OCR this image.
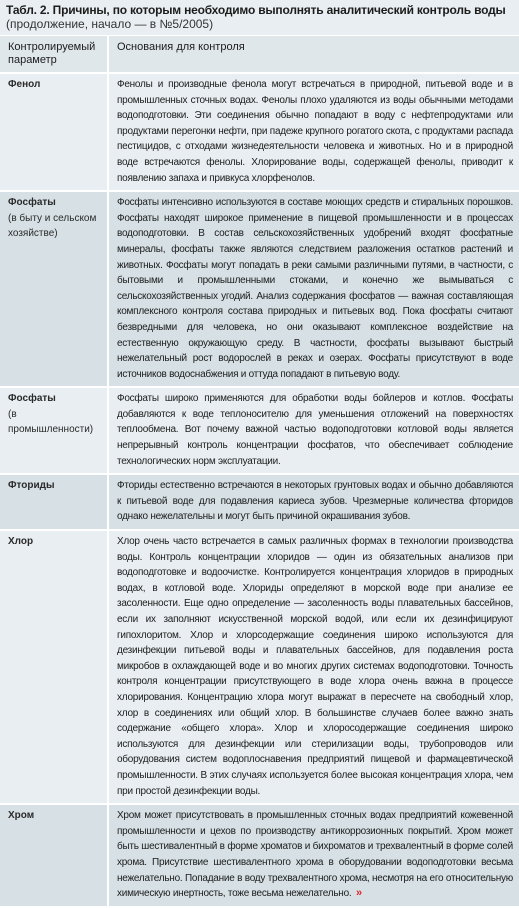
Табл. 2. Причины, по которым необходимо выполнять аналитический контроль воды
(продолжение, начало — в №5/2005)
Контролируемый параметр	Основания для контроля
Фенол	Фенолы и производные фенола могут встречаться в природной, питьевой воде и в промышленных сточных водах. Фенолы плохо удаляются из воды обычными методами водоподготовки. Эти соединения обычно попадают в воду с нефтепродуктами или продуктами перегонки нефти, при падеже крупного рогатого скота, с продуктами распада пестицидов, с отходами жизнедеятельности человека и животных. Но и в природной воде встречаются фенолы. Хлорирование воды, содержащей фенолы, приводит к появлению запаха и привкуса хлорфенолов.
Фосфаты
(в быту и сельском хозяйстве)	Фосфаты интенсивно используются в составе моющих средств и стиральных порошков. Фосфаты находят широкое применение в пищевой промышленности и в процессах водоподготовки. В состав сельскохозяйственных удобрений входят фосфатные минералы, фосфаты также являются следствием разложения остатков растений и животных. Фосфаты могут попадать в реки самыми различными путями, в частности, с бытовыми и промышленными стоками, и конечно же вымываться с сельскохозяйственных угодий. Анализ содержания фосфатов — важная составляющая комплексного контроля состава природных и питьевых вод. Пока фосфаты считают безвредными для человека, но они оказывают комплексное воздействие на естественную окружающую среду. В частности, фосфаты вызывают быстрый нежелательный рост водорослей в реках и озерах. Фосфаты присутствуют в воде источников водоснабжения и оттуда попадают в питьевую воду.
Фосфаты
(в промышленности)	Фосфаты широко применяются для обработки воды бойлеров и котлов. Фосфаты добавляются к воде теплоносителю для уменьшения отложений на поверхностях теплообмена. Вот почему важной частью водоподготовки котловой воды является непрерывный контроль концентрации фосфатов, что обеспечивает соблюдение технологических норм эксплуатации.
Фториды	Фториды естественно встречаются в некоторых грунтовых водах и обычно добавляются к питьевой воде для подавления кариеса зубов. Чрезмерные количества фторидов однако нежелательны и могут быть причиной окрашивания зубов.
Хлор	Хлор очень часто встречается в самых различных формах в технологии производства воды. Контроль концентрации хлоридов — один из обязательных анализов при водоподготовке и водоочистке. Контролируется концентрация хлоридов в природных водах, в котловой воде. Хлориды определяют в морской воде при анализе ее засоленности. Еще одно определение — засоленность воды плавательных бассейнов, если их заполняют искусственной морской водой, или если их дезинфицируют гипохлоритом. Хлор и хлорсодержащие соединения широко используются для дезинфекции питьевой воды и плавательных бассейнов, для подавления роста микробов в охлаждающей воде и во многих других системах водоподготовки. Точность контроля концентрации присутствующего в воде хлора очень важна в процессе хлорирования. Концентрацию хлора могут выражат в пересчете на свободный хлор, хлор в соединениях или общий хлор. В большинстве случаев более важно знать содержание «общего хлора». Хлор и хлоросодержащие соединения широко используются для дезинфекции или стерилизации воды, трубопроводов или оборудования систем водоплоснавения предприятий пищевой и фармацевтической промышленности. В этих случаях используется более высокая концентрация хлора, чем при простой дезинфекции воды.
Хром	Хром может присутствовать в промышленных сточных водах предприятий кожевенной промышленности и цехов по производству антикоррозионных покрытий. Хром может быть шестивалентный в форме хроматов и бихроматов и трехвалентный в форме солей хрома. Присутствие шестивалентного хрома в оборудовании водоподготовки весьма нежелательно. Попадание в воду трехвалентного хрома, несмотря на его относительную химическую инертность, тоже весьма нежелательно. »
